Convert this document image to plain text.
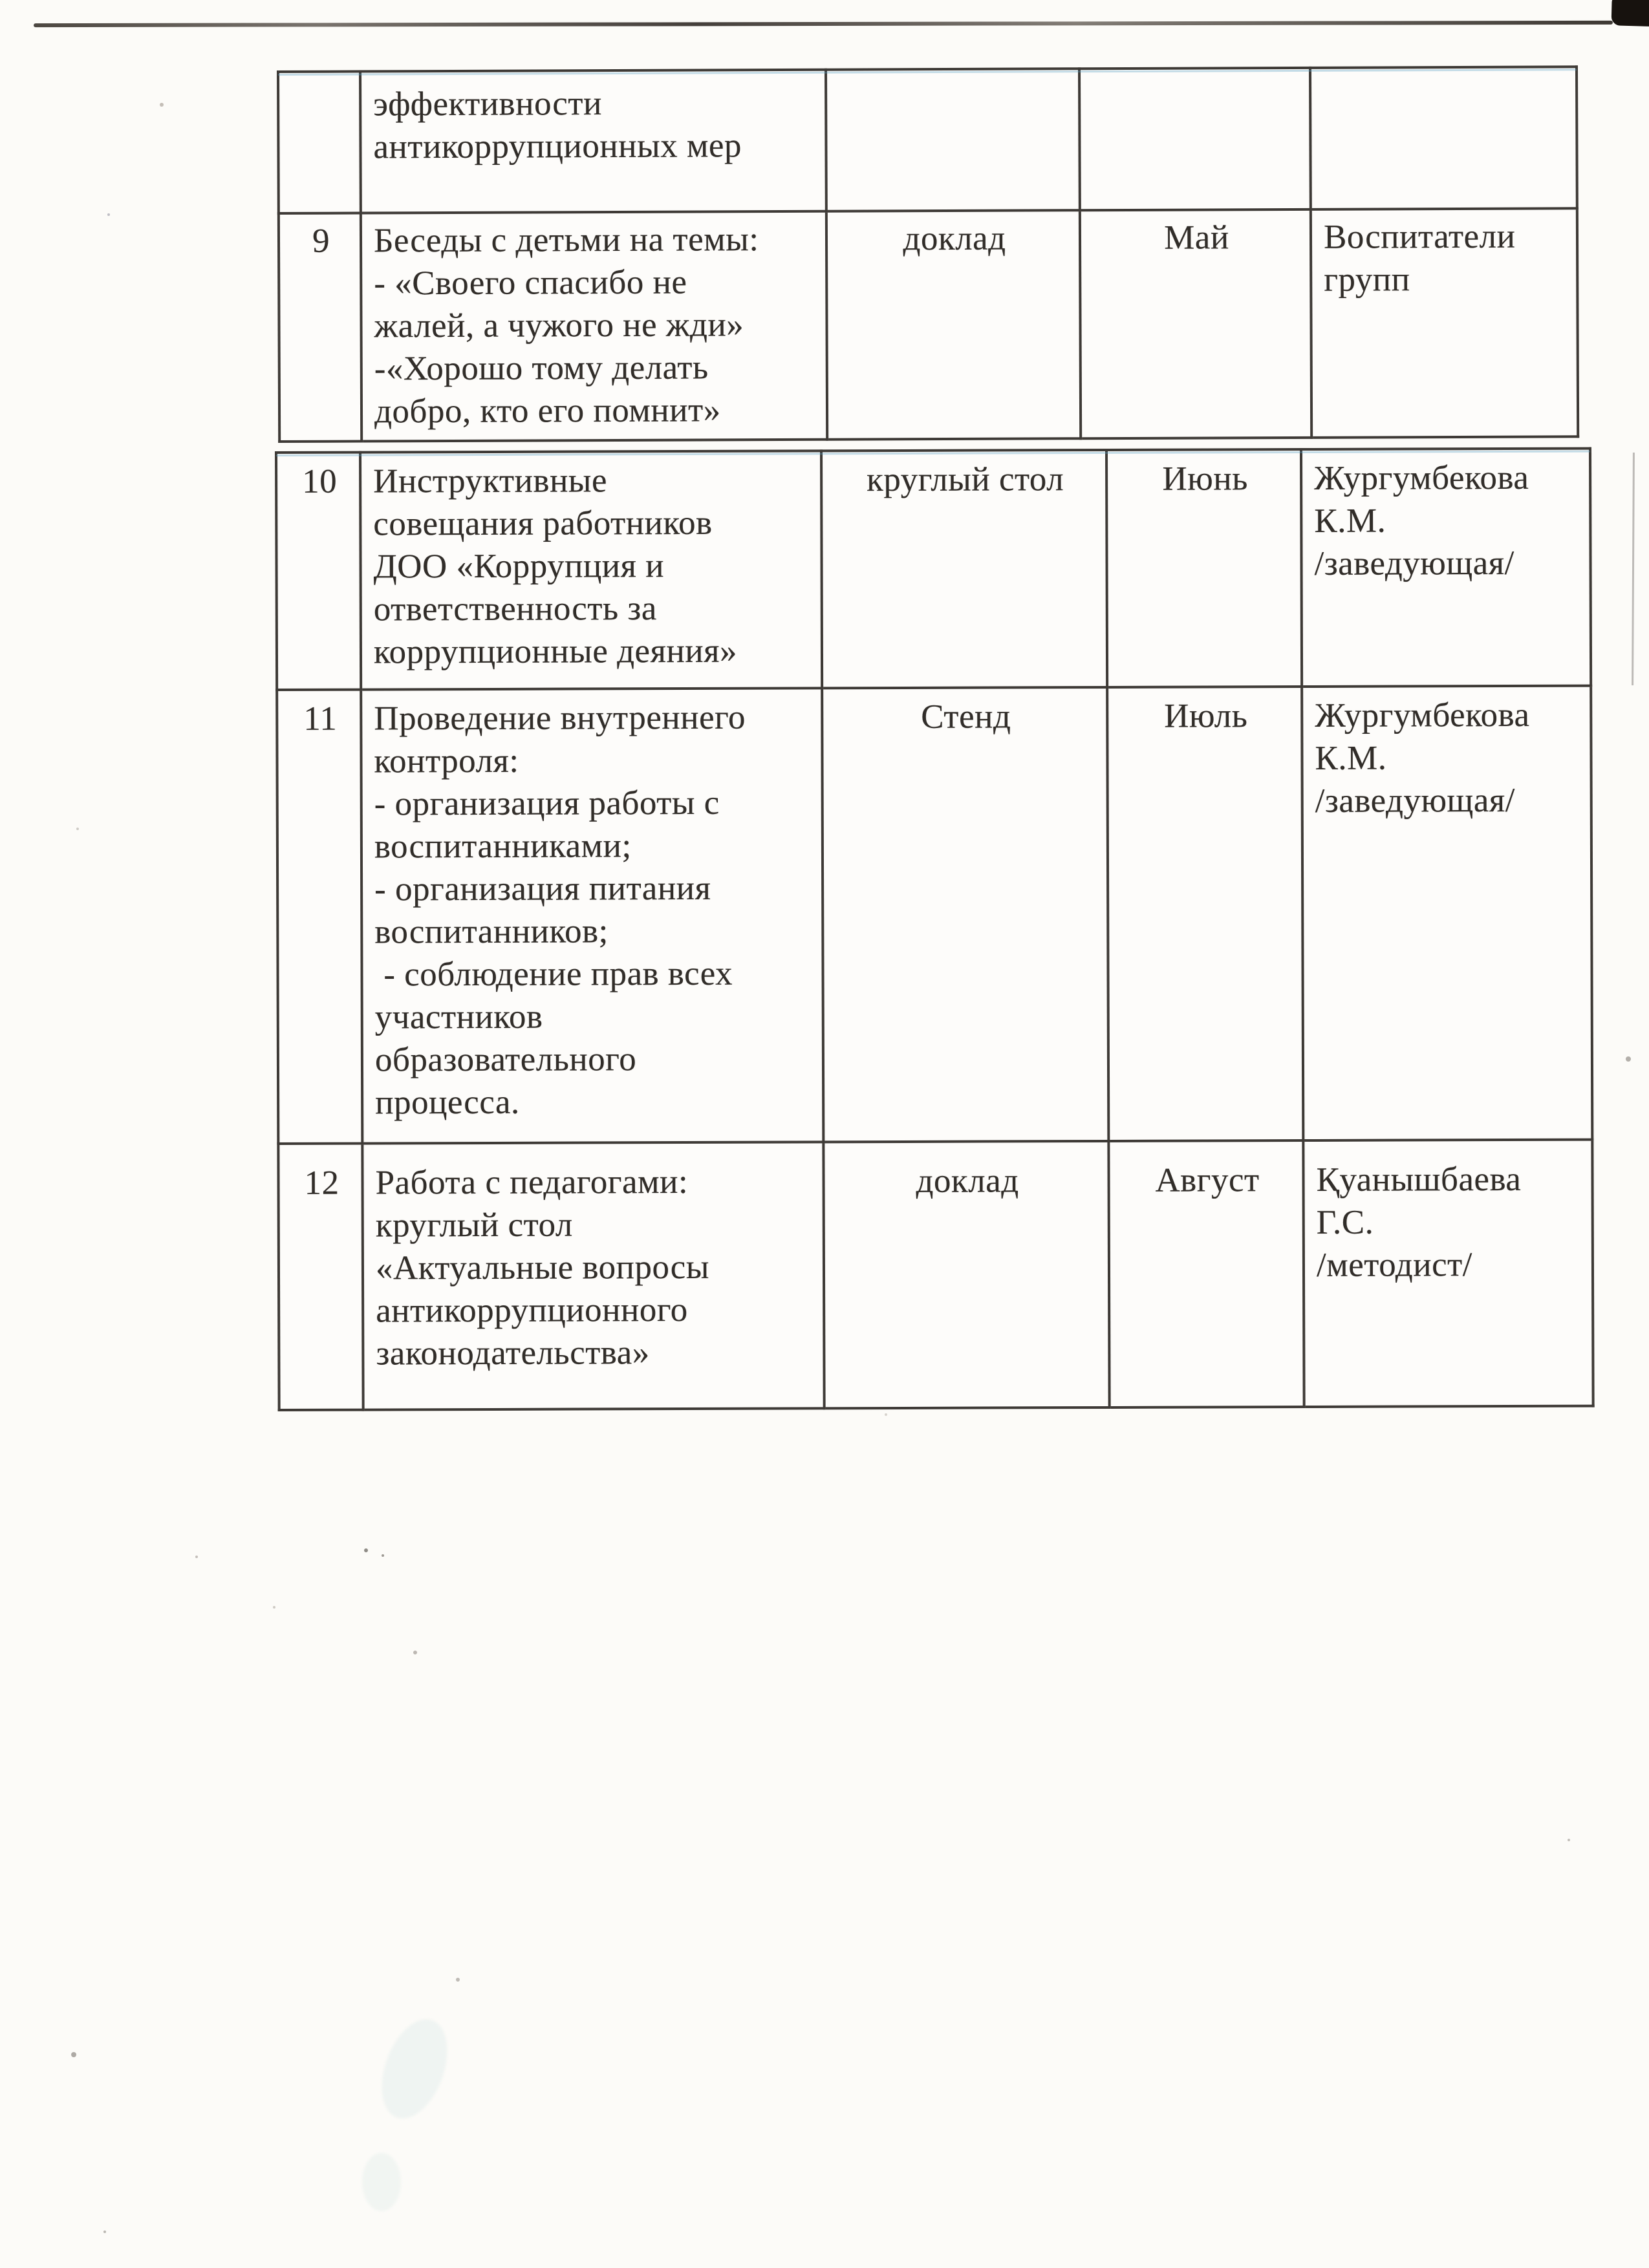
	эффективности
антикоррупционных мер			
9	Беседы с детьми на темы:
- «Своего спасибо не
жалей, а чужого не жди»
-«Хорошо тому делать
добро, кто его помнит»	доклад	Май	Воспитатели
групп
10	Инструктивные
совещания работников
ДОО «Коррупция и
ответственность за
коррупционные деяния»	круглый стол	Июнь	Жургумбекова
К.М.
/заведующая/
11	Проведение внутреннего
контроля:
- организация работы с
воспитанниками;
- организация питания
воспитанников;
- соблюдение прав всех
участников
образовательного
процесса.	Стенд	Июль	Жургумбекова
К.М.
/заведующая/
12	Работа с педагогами:
круглый стол
«Актуальные вопросы
антикоррупционного
законодательства»	доклад	Август	Қуанышбаева
Г.С.
/методист/
